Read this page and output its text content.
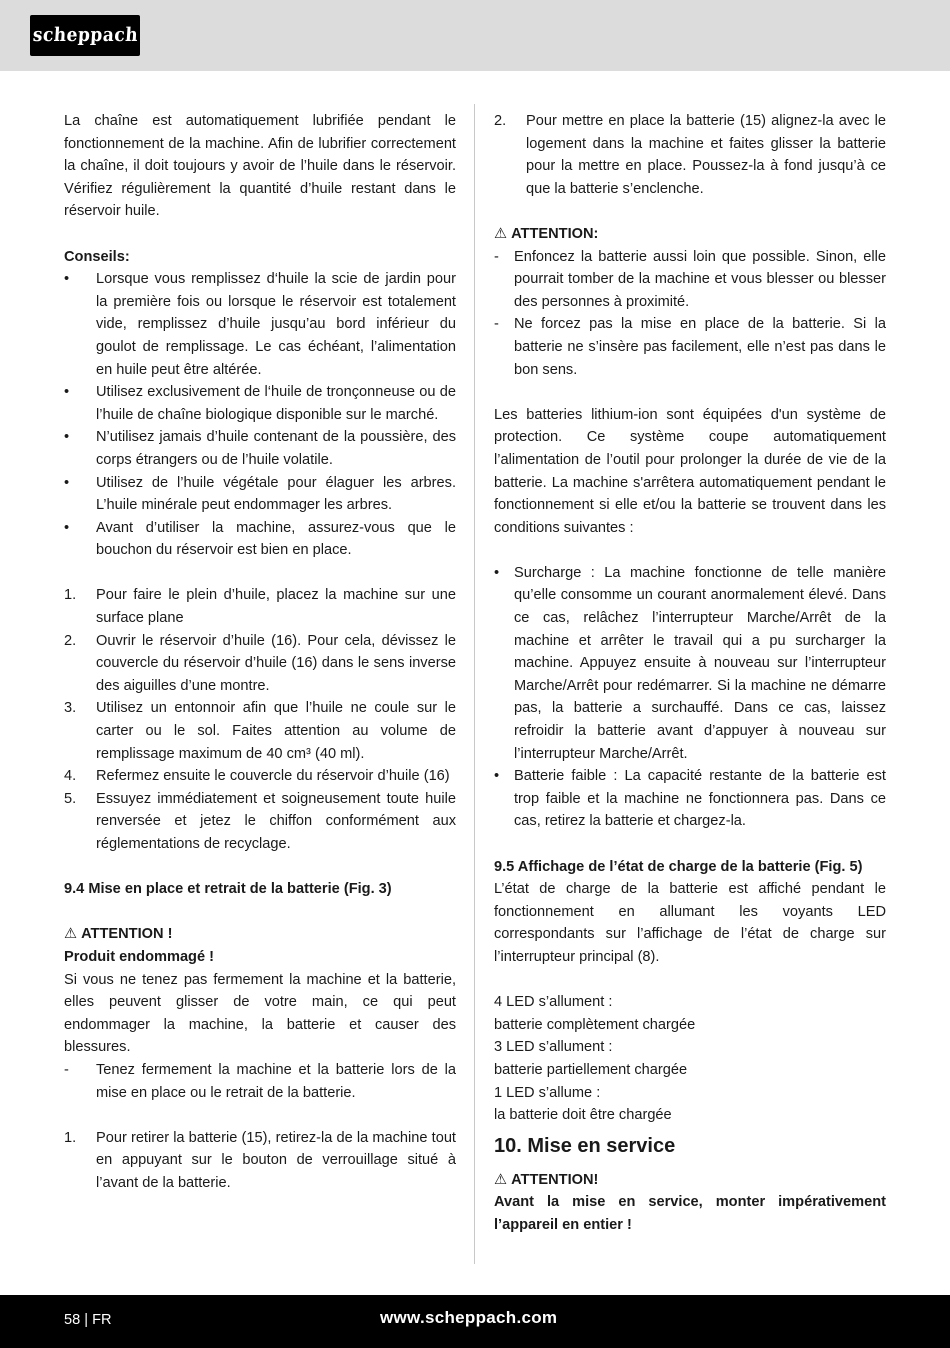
scheppach

La chaîne est automatiquement lubrifiée pendant le fonctionnement de la machine. Afin de lubrifier correctement la chaîne, il doit toujours y avoir de l’huile dans le réservoir. Vérifiez régulièrement la quantité d’huile restant dans le réservoir huile.

Conseils:

•	Lorsque vous remplissez d‘huile la scie de jardin pour la première fois ou lorsque le réservoir est totalement vide, remplissez d’huile jusqu’au bord inférieur du goulot de remplissage. Le cas échéant, l’alimentation en huile peut être altérée.
•	Utilisez exclusivement de l‘huile de tronçonneuse ou de l’huile de chaîne biologique disponible sur le marché.
•	N’utilisez jamais d’huile contenant de la poussière, des corps étrangers ou de l’huile volatile.
•	Utilisez de l’huile végétale pour élaguer les arbres. L’huile minérale peut endommager les arbres.
•	Avant d’utiliser la machine, assurez-vous que le bouchon du réservoir est bien en place.
1.	Pour faire le plein d’huile, placez la machine sur une surface plane
2.	Ouvrir le réservoir d’huile (16). Pour cela, dévissez le couvercle du réservoir d’huile (16) dans le sens inverse des aiguilles d’une montre.
3.	Utilisez un entonnoir afin que l’huile ne coule sur le carter ou le sol. Faites attention au volume de remplissage maximum de 40 cm³ (40 ml).
4.	Refermez ensuite le couvercle du réservoir d’huile (16)
5.	Essuyez immédiatement et soigneusement toute huile renversée et jetez le chiffon conformément aux réglementations de recyclage.

9.4 Mise en place et retrait de la batterie (Fig. 3)

⚠ ATTENTION !

Produit endommagé !

Si vous ne tenez pas fermement la machine et la batterie, elles peuvent glisser de votre main, ce qui peut endommager la machine, la batterie et causer des blessures.

-	Tenez fermement la machine et la batterie lors de la mise en place ou le retrait de la batterie.
1.	Pour retirer la batterie (15), retirez-la de la machine tout en appuyant sur le bouton de verrouillage situé à l’avant de la batterie.
2.	Pour mettre en place la batterie (15) alignez-la avec le logement dans la machine et faites glisser la batterie pour la mettre en place. Poussez-la à fond jusqu’à ce que la batterie s’enclenche.

⚠ ATTENTION:

-	Enfoncez la batterie aussi loin que possible. Sinon, elle pourrait tomber de la machine et vous blesser ou blesser des personnes à proximité.
-	Ne forcez pas la mise en place de la batterie. Si la batterie ne s’insère pas facilement, elle n’est pas dans le bon sens.

Les batteries lithium-ion sont équipées d'un système de protection. Ce système coupe automatiquement l’alimentation de l’outil pour prolonger la durée de vie de la batterie. La machine s'arrêtera automatiquement pendant le fonctionnement si elle et/ou la batterie se trouvent dans les conditions suivantes :

•	Surcharge : La machine fonctionne de telle manière qu’elle consomme un courant anormalement élevé. Dans ce cas, relâchez l’interrupteur Marche/Arrêt de la machine et arrêter le travail qui a pu surcharger la machine. Appuyez ensuite à nouveau sur l’interrupteur Marche/Arrêt pour redémarrer. Si la machine ne démarre pas, la batterie a surchauffé. Dans ce cas, laissez refroidir la batterie avant d’appuyer à nouveau sur l’interrupteur Marche/Arrêt.
•	Batterie faible : La capacité restante de la batterie est trop faible et la machine ne fonctionnera pas. Dans ce cas, retirez la batterie et chargez-la.

9.5 Affichage de l’état de charge de la batterie (Fig. 5)

L’état de charge de la batterie est affiché pendant le fonctionnement en allumant les voyants LED correspondants sur l’affichage de l’état de charge sur l’interrupteur principal (8).

4 LED s’allument :

batterie complètement chargée

3 LED s’allument :

batterie partiellement chargée

1 LED s’allume :

la batterie doit être chargée

10. Mise en service

⚠ ATTENTION!

Avant la mise en service, monter impérativement l’appareil en entier !

58 | FR	www.scheppach.com
